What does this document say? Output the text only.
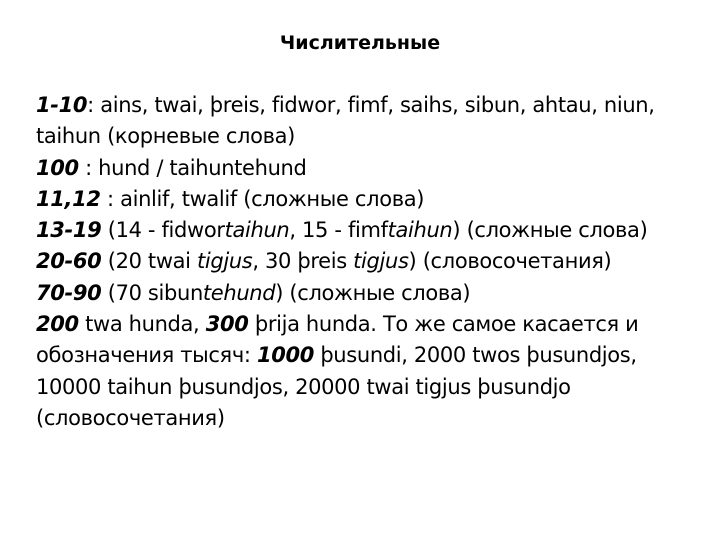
Числительные

1-10: ains, twai, þreis, fidwor, fimf, saihs, sibun, ahtau, niun, taihun (корневые слова)

100 : hund / taihuntehund

11,12 : ainlif, twalif (сложные слова)

13-19 (14 - fidwortaihun, 15 - fimftaihun) (сложные слова)

20-60 (20 twai tigjus, 30 þreis tigjus) (словосочетания)

70-90 (70 sibuntehund) (сложные слова)

200 twa hunda, 300 þrija hunda. То же самое касается и обозначения тысяч: 1000 þusundi, 2000 twos þusundjos, 10000 taihun þusundjos, 20000 twai tigjus þusundjo (словосочетания)
